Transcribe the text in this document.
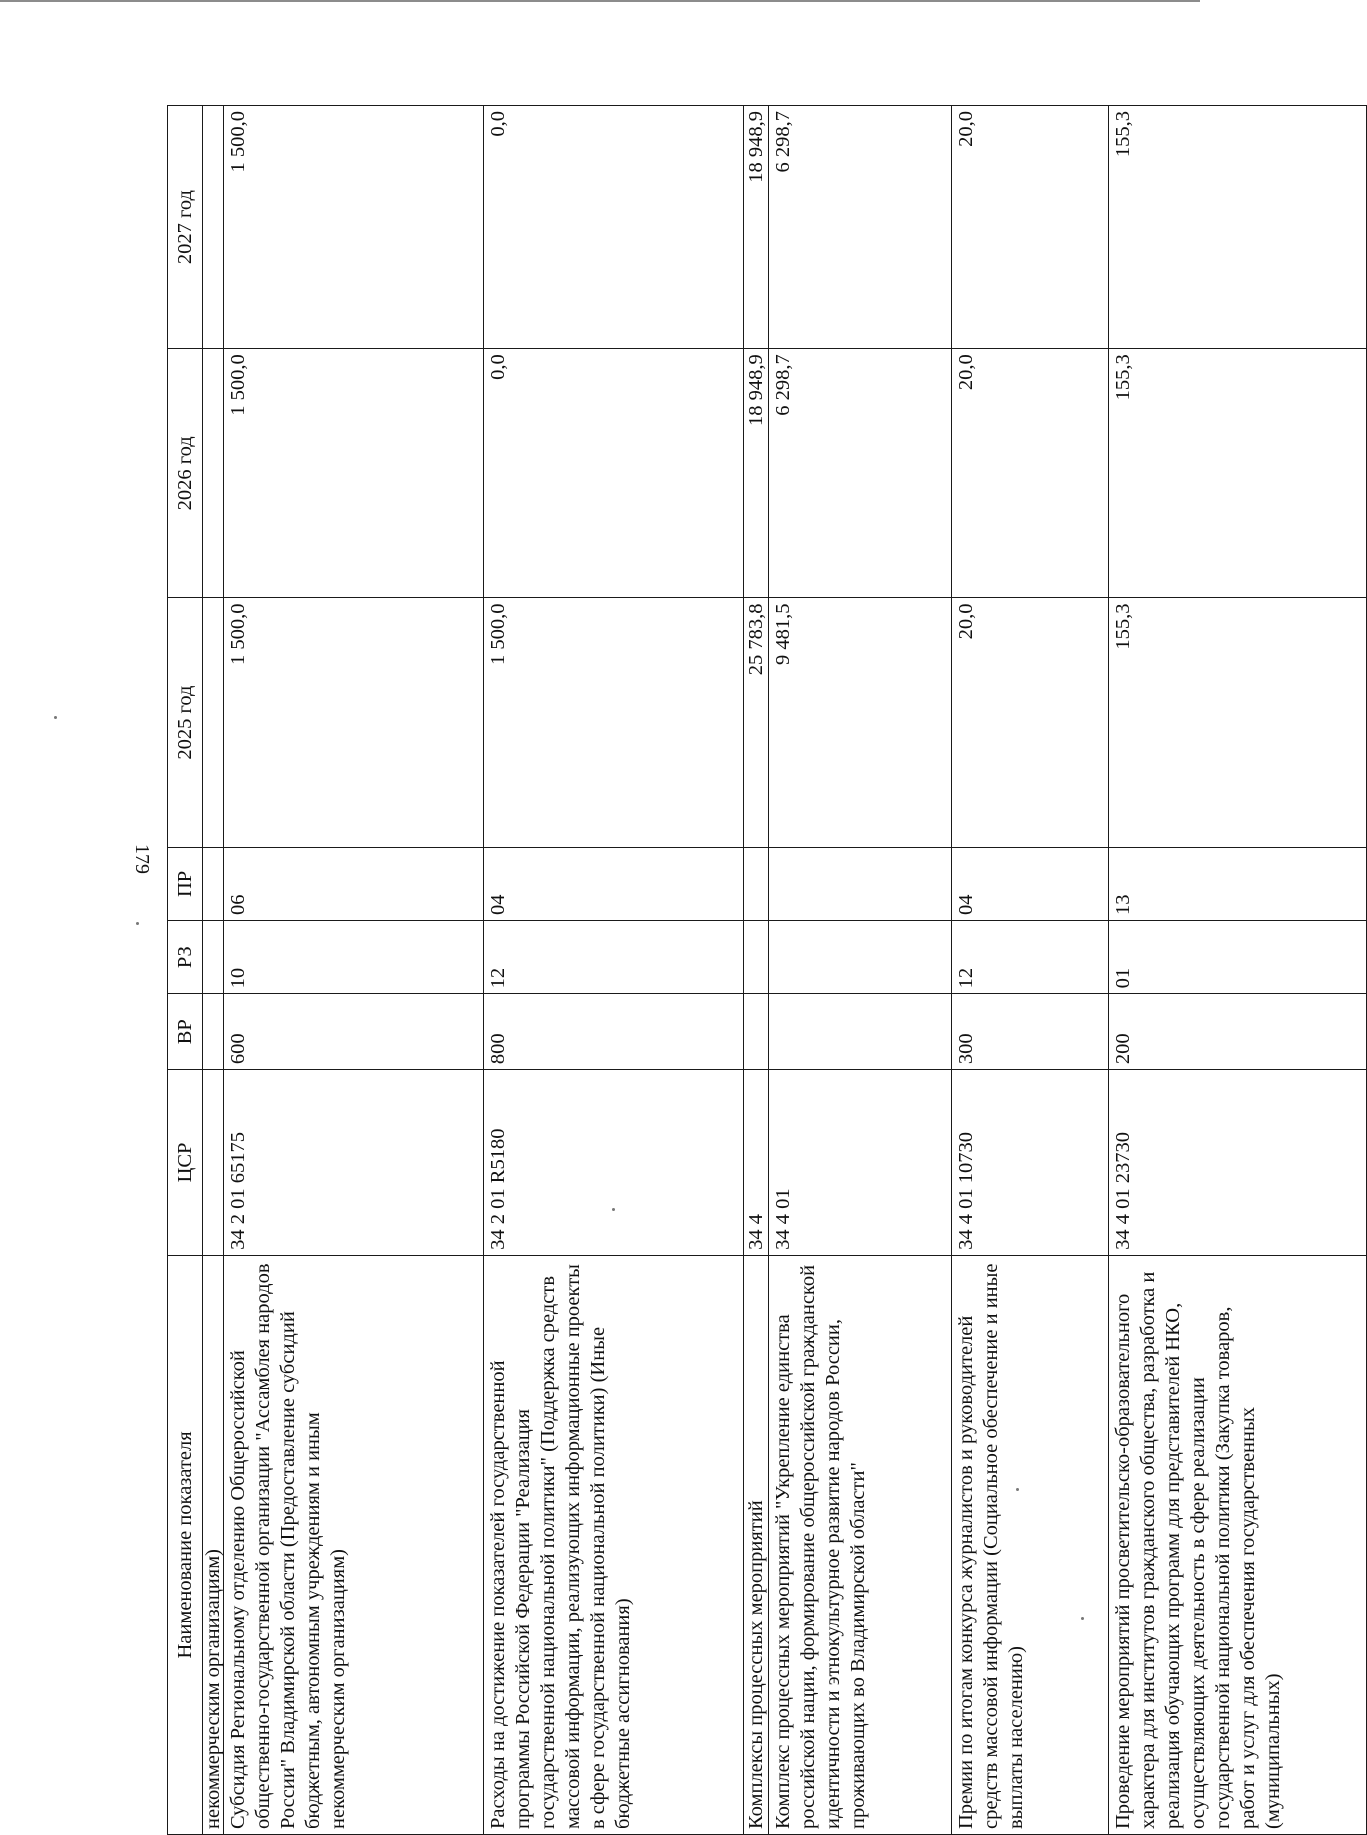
179
Наименование показателя	ЦСР	ВР	РЗ	ПР	2025 год	2026 год	2027 год
некоммерческим организациям)							
Субсидия Региональному отделению Общероссийской общественно-государственной организации "Ассамблея народов России" Владимирской области (Предоставление субсидий бюджетным, автономным учреждениям и иным некоммерческим организациям)	34 2 01 65175	600	10	06	1 500,0	1 500,0	1 500,0
Расходы на достижение показателей государственной программы Российской Федерации "Реализация государственной национальной политики" (Поддержка средств массовой информации, реализующих информационные проекты в сфере государственной национальной политики) (Иные бюджетные ассигнования)	34 2 01 R5180	800	12	04	1 500,0	0,0	0,0
Комплексы процессных мероприятий	34 4				25 783,8	18 948,9	18 948,9
Комплекс процессных мероприятий "Укрепление единства российской нации, формирование общероссийской гражданской идентичности и этнокультурное развитие народов России, проживающих во Владимирской области"	34 4 01				9 481,5	6 298,7	6 298,7
Премии по итогам конкурса журналистов и руководителей средств массовой информации (Социальное обеспечение и иные выплаты населению)	34 4 01 10730	300	12	04	20,0	20,0	20,0
Проведение мероприятий просветительско-образовательного характера для институтов гражданского общества, разработка и реализация обучающих программ для представителей НКО, осуществляющих деятельность в сфере реализации государственной национальной политики (Закупка товаров, работ и услуг для обеспечения государственных (муниципальных)	34 4 01 23730	200	01	13	155,3	155,3	155,3
